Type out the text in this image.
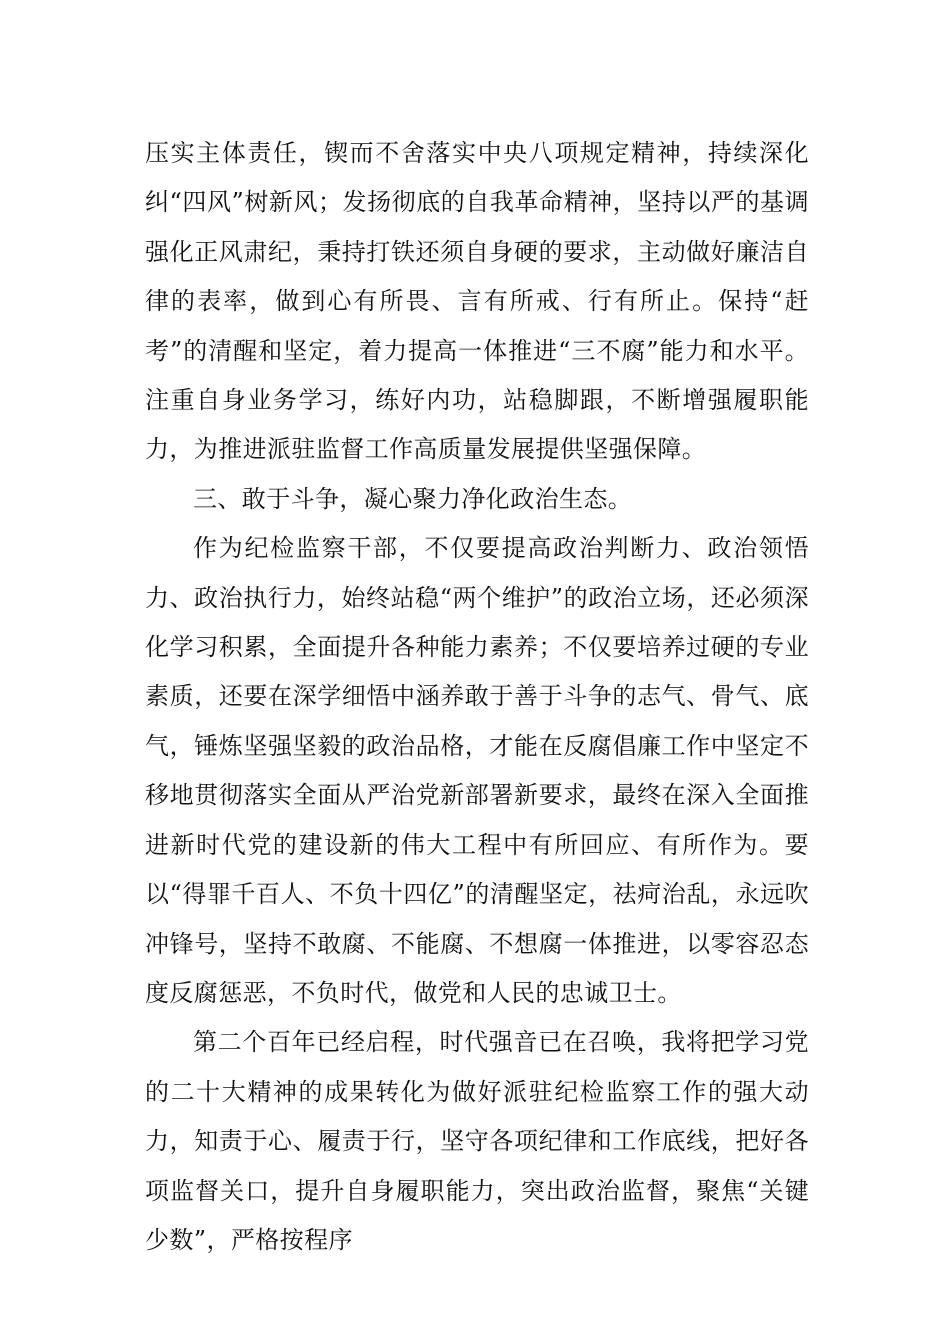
压实主体责任，锲而不舍落实中央八项规定精神，持续深化纠“四风”树新风；发扬彻底的自我革命精神，坚持以严的基调强化正风肃纪，秉持打铁还须自身硬的要求，主动做好廉洁自律的表率，做到心有所畏、言有所戒、行有所止。保持“赶考”的清醒和坚定，着力提高一体推进“三不腐”能力和水平。注重自身业务学习，练好内功，站稳脚跟，不断增强履职能力，为推进派驻监督工作高质量发展提供坚强保障。

三、敢于斗争，凝心聚力净化政治生态。

作为纪检监察干部，不仅要提高政治判断力、政治领悟力、政治执行力，始终站稳“两个维护”的政治立场，还必须深化学习积累，全面提升各种能力素养；不仅要培养过硬的专业素质，还要在深学细悟中涵养敢于善于斗争的志气、骨气、底气，锤炼坚强坚毅的政治品格，才能在反腐倡廉工作中坚定不移地贯彻落实全面从严治党新部署新要求，最终在深入全面推进新时代党的建设新的伟大工程中有所回应、有所作为。要以“得罪千百人、不负十四亿”的清醒坚定，祛疴治乱，永远吹冲锋号，坚持不敢腐、不能腐、不想腐一体推进，以零容忍态度反腐惩恶，不负时代，做党和人民的忠诚卫士。

第二个百年已经启程，时代强音已在召唤，我将把学习党的二十大精神的成果转化为做好派驻纪检监察工作的强大动力，知责于心、履责于行，坚守各项纪律和工作底线，把好各项监督关口，提升自身履职能力，突出政治监督，聚焦“关键少数”，严格按程序
